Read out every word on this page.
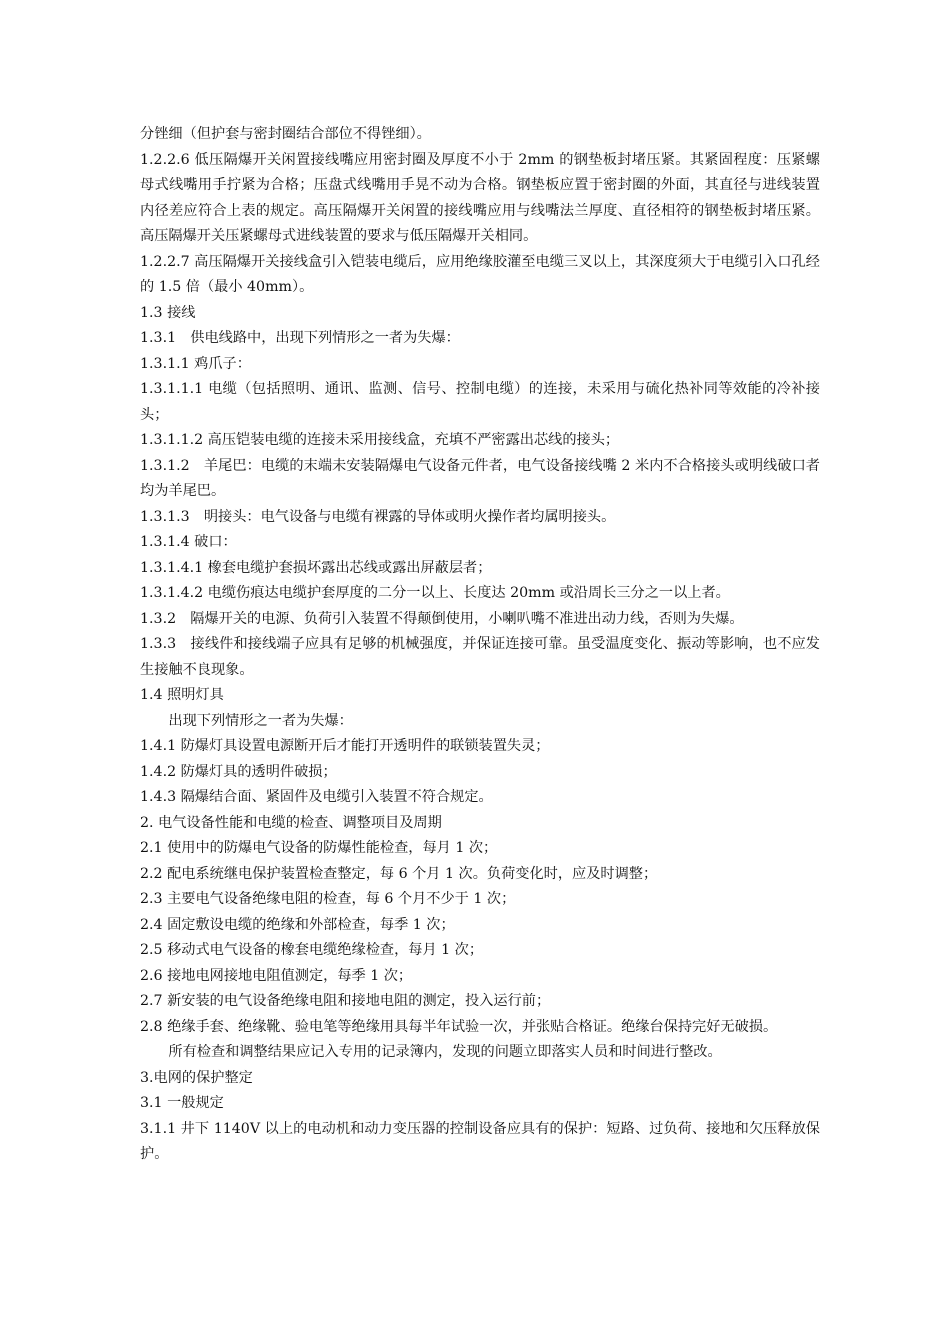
分锉细（但护套与密封圈结合部位不得锉细）。

1.2.2.6 低压隔爆开关闲置接线嘴应用密封圈及厚度不小于 2mm 的钢垫板封堵压紧。其紧固程度：压紧螺母式线嘴用手拧紧为合格；压盘式线嘴用手晃不动为合格。钢垫板应置于密封圈的外面，其直径与进线装置内径差应符合上表的规定。高压隔爆开关闲置的接线嘴应用与线嘴法兰厚度、直径相符的钢垫板封堵压紧。高压隔爆开关压紧螺母式进线装置的要求与低压隔爆开关相同。

1.2.2.7 高压隔爆开关接线盒引入铠装电缆后，应用绝缘胶灌至电缆三叉以上，其深度须大于电缆引入口孔经的 1.5 倍（最小 40mm）。

1.3 接线

1.3.1　供电线路中，出现下列情形之一者为失爆：

1.3.1.1 鸡爪子：

1.3.1.1.1 电缆（包括照明、通讯、监测、信号、控制电缆）的连接，未采用与硫化热补同等效能的冷补接头；

1.3.1.1.2 高压铠装电缆的连接未采用接线盒，充填不严密露出芯线的接头；

1.3.1.2　羊尾巴：电缆的末端未安装隔爆电气设备元件者，电气设备接线嘴 2 米内不合格接头或明线破口者均为羊尾巴。

1.3.1.3　明接头：电气设备与电缆有裸露的导体或明火操作者均属明接头。

1.3.1.4 破口：

1.3.1.4.1 橡套电缆护套损坏露出芯线或露出屏蔽层者；

1.3.1.4.2 电缆伤痕达电缆护套厚度的二分一以上、长度达 20mm 或沿周长三分之一以上者。

1.3.2　隔爆开关的电源、负荷引入装置不得颠倒使用，小喇叭嘴不准进出动力线，否则为失爆。

1.3.3　接线件和接线端子应具有足够的机械强度，并保证连接可靠。虽受温度变化、振动等影响，也不应发生接触不良现象。

1.4 照明灯具

出现下列情形之一者为失爆：

1.4.1 防爆灯具设置电源断开后才能打开透明件的联锁装置失灵；

1.4.2 防爆灯具的透明件破损；

1.4.3 隔爆结合面、紧固件及电缆引入装置不符合规定。

2. 电气设备性能和电缆的检查、调整项目及周期

2.1 使用中的防爆电气设备的防爆性能检查，每月 1 次；

2.2 配电系统继电保护装置检查整定，每 6 个月 1 次。负荷变化时，应及时调整；

2.3 主要电气设备绝缘电阻的检查，每 6 个月不少于 1 次；

2.4 固定敷设电缆的绝缘和外部检查，每季 1 次；

2.5 移动式电气设备的橡套电缆绝缘检查，每月 1 次；

2.6 接地电网接地电阻值测定，每季 1 次；

2.7 新安装的电气设备绝缘电阻和接地电阻的测定，投入运行前；

2.8 绝缘手套、绝缘靴、验电笔等绝缘用具每半年试验一次，并张贴合格证。绝缘台保持完好无破损。

所有检查和调整结果应记入专用的记录簿内，发现的问题立即落实人员和时间进行整改。

3.电网的保护整定

3.1 一般规定

3.1.1 井下 1140V 以上的电动机和动力变压器的控制设备应具有的保护：短路、过负荷、接地和欠压释放保护。
